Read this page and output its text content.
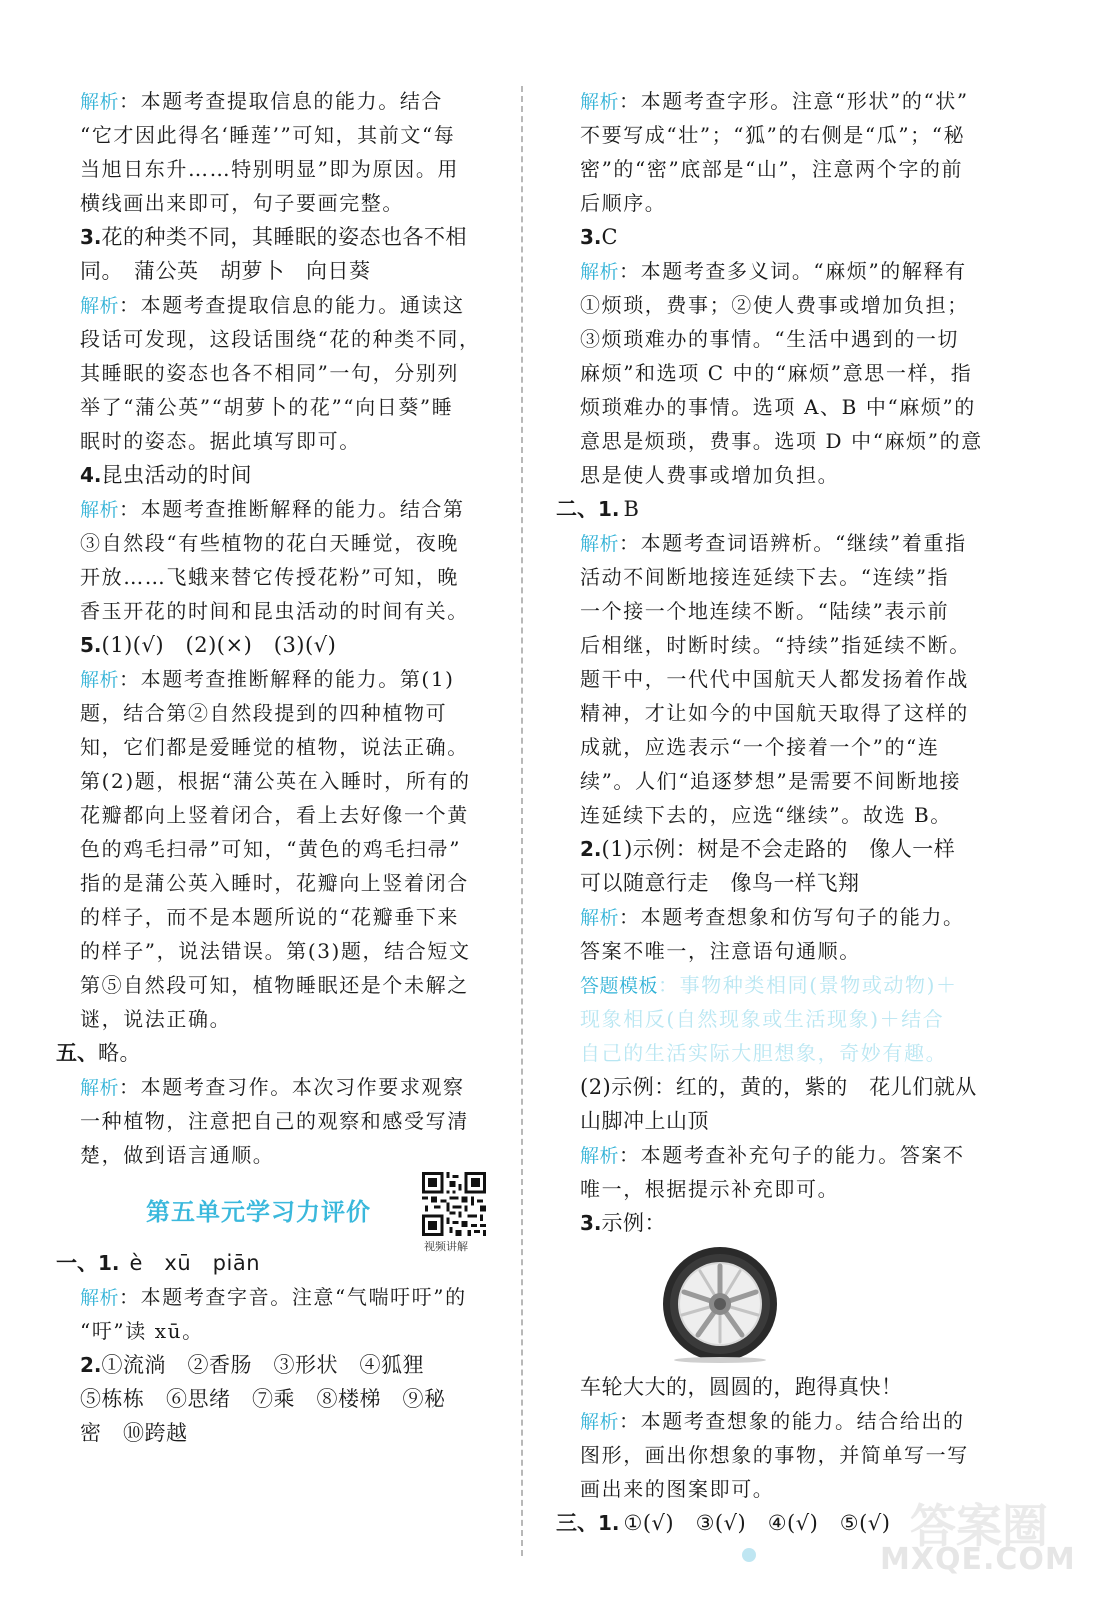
解析：本题考查提取信息的能力。结合
“它才因此得名‘睡莲’”可知，其前文“每
当旭日东升……特别明显”即为原因。用
横线画出来即可，句子要画完整。
3.花的种类不同，其睡眠的姿态也各不相
同。　蒲公英　胡萝卜　向日葵
解析：本题考查提取信息的能力。通读这
段话可发现，这段话围绕“花的种类不同，
其睡眠的姿态也各不相同”一句，分别列
举了“蒲公英”“胡萝卜的花”“向日葵”睡
眠时的姿态。据此填写即可。
4.昆虫活动的时间
解析：本题考查推断解释的能力。结合第
③自然段“有些植物的花白天睡觉，夜晚
开放……飞蛾来替它传授花粉”可知，晚
香玉开花的时间和昆虫活动的时间有关。
5.(1)(√)　(2)(×)　(3)(√)
解析：本题考查推断解释的能力。第(1)
题，结合第②自然段提到的四种植物可
知，它们都是爱睡觉的植物，说法正确。
第(2)题，根据“蒲公英在入睡时，所有的
花瓣都向上竖着闭合，看上去好像一个黄
色的鸡毛扫帚”可知，“黄色的鸡毛扫帚”
指的是蒲公英入睡时，花瓣向上竖着闭合
的样子，而不是本题所说的“花瓣垂下来
的样子”，说法错误。第(3)题，结合短文
第⑤自然段可知，植物睡眠还是个未解之
谜，说法正确。
五、略。
解析：本题考查习作。本次习作要求观察
一种植物，注意把自己的观察和感受写清
楚，做到语言通顺。
第五单元学习力评价
视频讲解
一、1. è　xū　piān
解析：本题考查字音。注意“气喘吁吁”的
“吁”读 xū。
2.①流淌　②香肠　③形状　④狐狸
⑤栋栋　⑥思绪　⑦乘　⑧楼梯　⑨秘
密　⑩跨越
解析：本题考查字形。注意“形状”的“状”
不要写成“壮”；“狐”的右侧是“瓜”；“秘
密”的“密”底部是“山”，注意两个字的前
后顺序。
3.C
解析：本题考查多义词。“麻烦”的解释有
①烦琐，费事；②使人费事或增加负担；
③烦琐难办的事情。“生活中遇到的一切
麻烦”和选项 C 中的“麻烦”意思一样，指
烦琐难办的事情。选项 A、B 中“麻烦”的
意思是烦琐，费事。选项 D 中“麻烦”的意
思是使人费事或增加负担。
二、1. B
解析：本题考查词语辨析。“继续”着重指
活动不间断地接连延续下去。“连续”指
一个接一个地连续不断。“陆续”表示前
后相继，时断时续。“持续”指延续不断。
题干中，一代代中国航天人都发扬着作战
精神，才让如今的中国航天取得了这样的
成就，应选表示“一个接着一个”的“连
续”。人们“追逐梦想”是需要不间断地接
连延续下去的，应选“继续”。故选 B。
2.(1)示例：树是不会走路的　像人一样
可以随意行走　像鸟一样飞翔
解析：本题考查想象和仿写句子的能力。
答案不唯一，注意语句通顺。
答题模板：事物种类相同(景物或动物)＋
现象相反(自然现象或生活现象)＋结合
自己的生活实际大胆想象，奇妙有趣。
(2)示例：红的，黄的，紫的　花儿们就从
山脚冲上山顶
解析：本题考查补充句子的能力。答案不
唯一，根据提示补充即可。
3.示例：
车轮大大的，圆圆的，跑得真快！
解析：本题考查想象的能力。结合给出的
图形，画出你想象的事物，并简单写一写
画出来的图案即可。
三、1. ①(√)　③(√)　④(√)　⑤(√) 答案圈
MXQE.COM
